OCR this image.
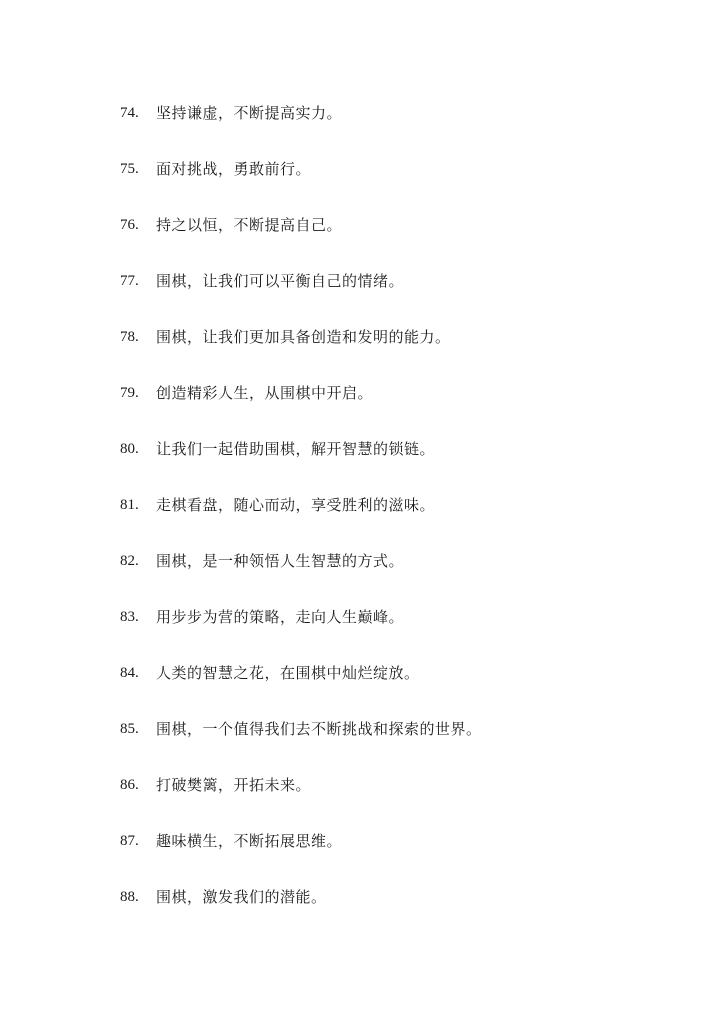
74.	坚持谦虚，不断提高实力。
75.	面对挑战，勇敢前行。
76.	持之以恒，不断提高自己。
77.	围棋，让我们可以平衡自己的情绪。
78.	围棋，让我们更加具备创造和发明的能力。
79.	创造精彩人生，从围棋中开启。
80.	让我们一起借助围棋，解开智慧的锁链。
81.	走棋看盘，随心而动，享受胜利的滋味。
82.	围棋，是一种领悟人生智慧的方式。
83.	用步步为营的策略，走向人生巅峰。
84.	人类的智慧之花，在围棋中灿烂绽放。
85.	围棋，一个值得我们去不断挑战和探索的世界。
86.	打破樊篱，开拓未来。
87.	趣味横生，不断拓展思维。
88.	围棋，激发我们的潜能。
